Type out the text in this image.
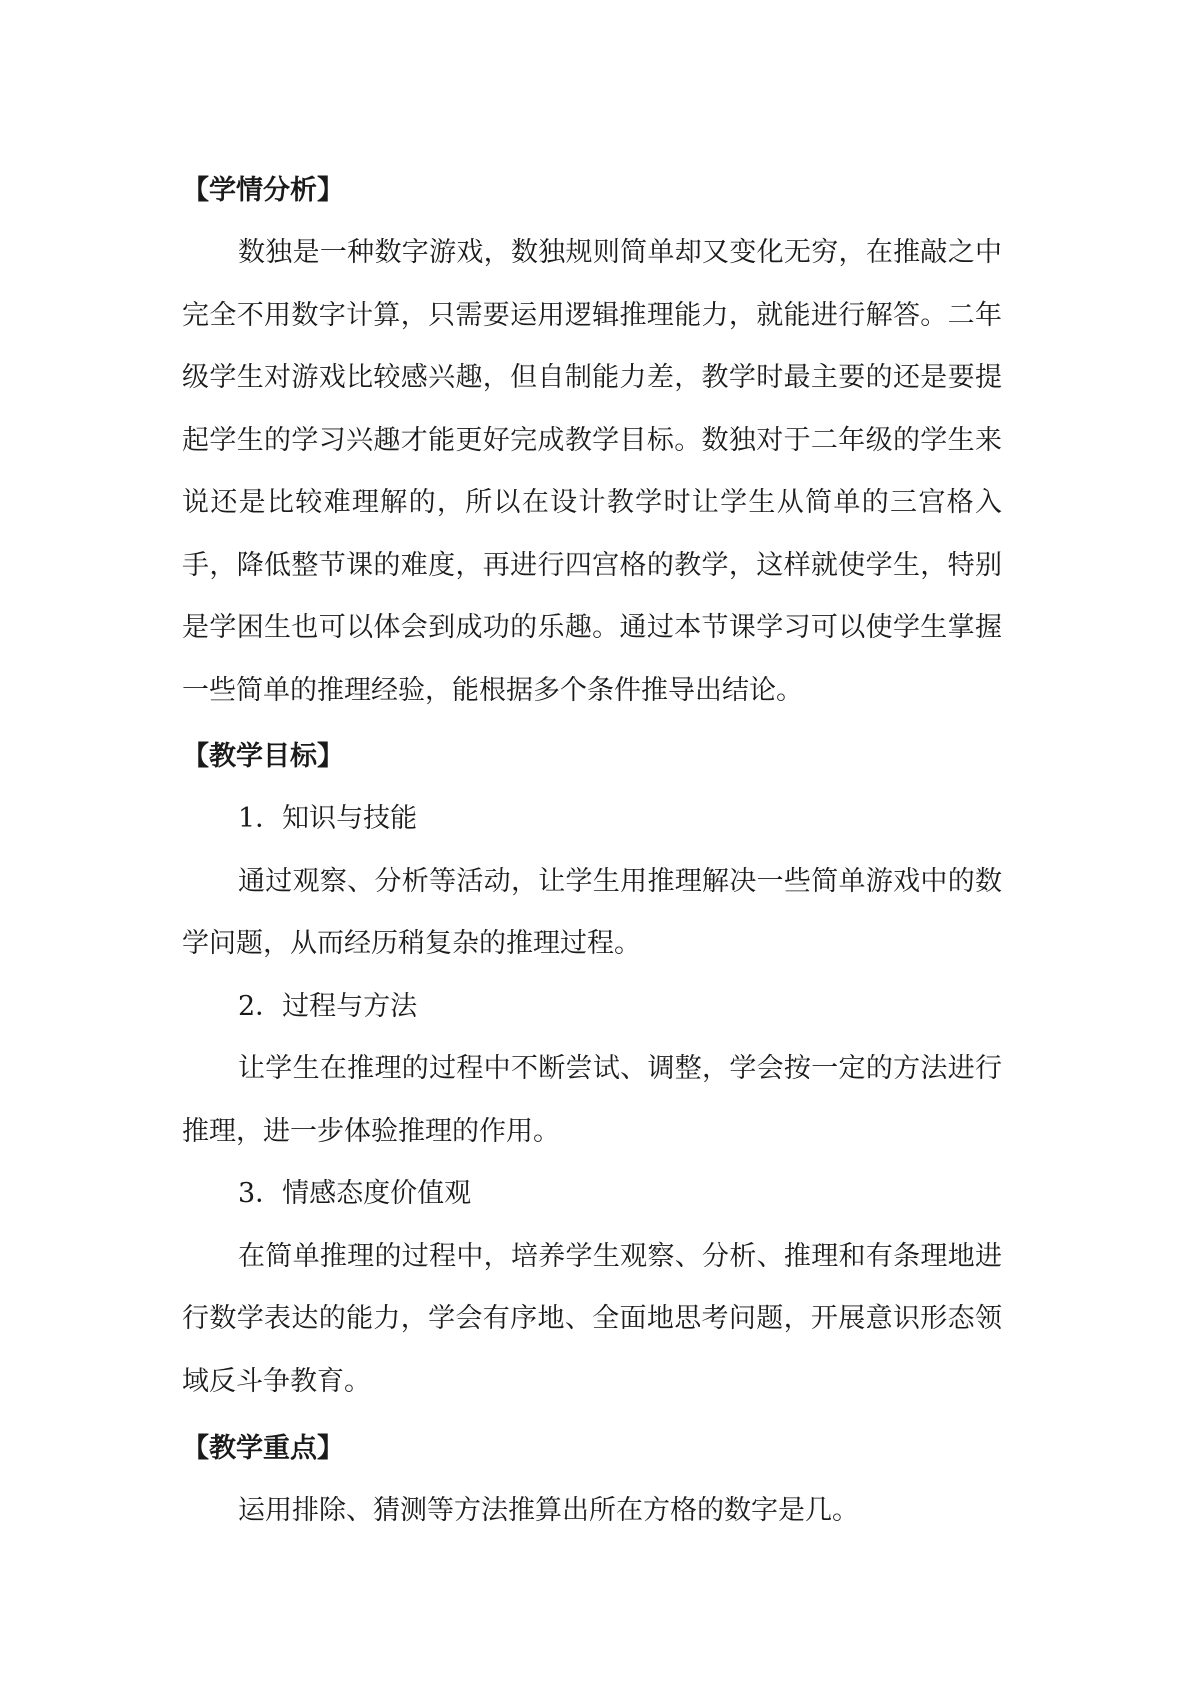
【学情分析】

数独是一种数字游戏，数独规则简单却又变化无穷，在推敲之中完全不用数字计算，只需要运用逻辑推理能力，就能进行解答。二年级学生对游戏比较感兴趣，但自制能力差，教学时最主要的还是要提起学生的学习兴趣才能更好完成教学目标。数独对于二年级的学生来说还是比较难理解的，所以在设计教学时让学生从简单的三宫格入手，降低整节课的难度，再进行四宫格的教学，这样就使学生，特别是学困生也可以体会到成功的乐趣。通过本节课学习可以使学生掌握一些简单的推理经验，能根据多个条件推导出结论。

【教学目标】
1．知识与技能

通过观察、分析等活动，让学生用推理解决一些简单游戏中的数学问题，从而经历稍复杂的推理过程。

2．过程与方法

让学生在推理的过程中不断尝试、调整，学会按一定的方法进行推理，进一步体验推理的作用。

3．情感态度价值观

在简单推理的过程中，培养学生观察、分析、推理和有条理地进行数学表达的能力，学会有序地、全面地思考问题，开展意识形态领域反斗争教育。

【教学重点】

运用排除、猜测等方法推算出所在方格的数字是几。
